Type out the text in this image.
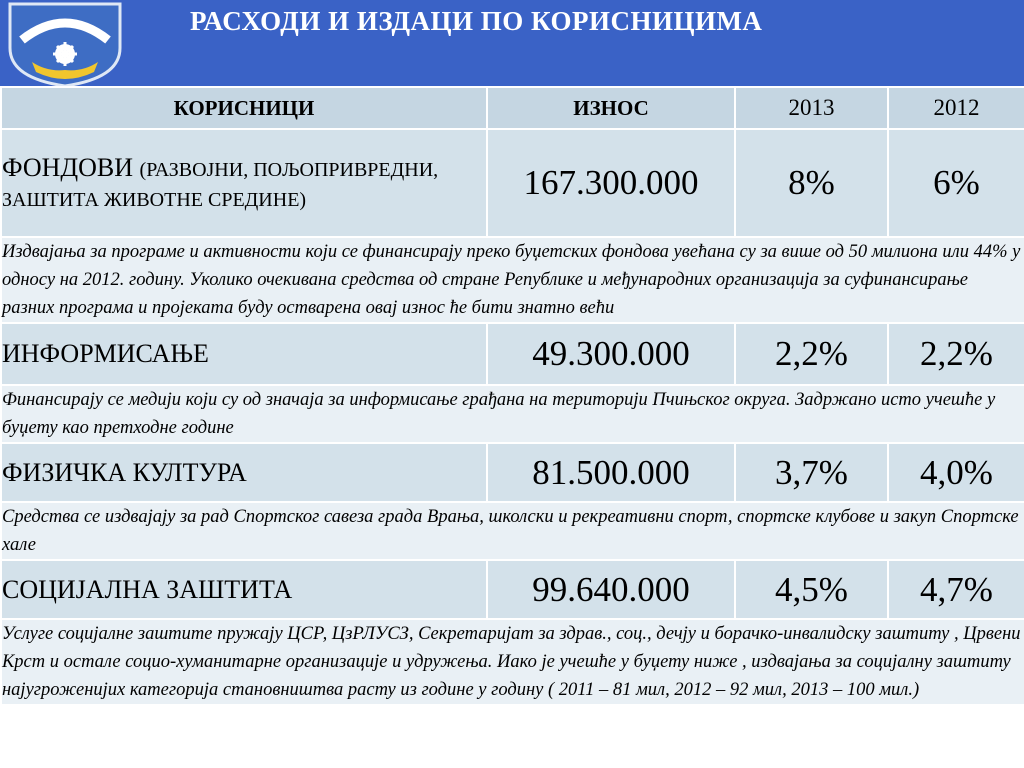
РАСХОДИ И ИЗДАЦИ ПО КОРИСНИЦИМА
КОРИСНИЦИ	ИЗНОС	2013	2012
ФОНДОВИ (РАЗВОЈНИ, ПОЉОПРИВРЕДНИ, ЗАШТИТА ЖИВОТНЕ СРЕДИНЕ)	167.300.000	8%	6%
Издвајања за програме и активности који се финансирају преко буџетских фондова увећана су за више од 50 милиона или 44% у односу на 2012. годину. Уколико очекивана средства од стране Републике и међународних организација за суфинансирање разних програма и пројеката буду остварена овај износ ће бити знатно већи			
ИНФОРМИСАЊЕ	49.300.000	2,2%	2,2%
Финансирају се медији који су од значаја за информисање грађана на територији Пчињског округа. Задржано исто учешће у буџету као претходне године			
ФИЗИЧКА КУЛТУРА	81.500.000	3,7%	4,0%
Средства се издвајају за рад Спортског савеза града Врања, школски и рекреативни спорт, спортске клубове и закуп Спортске хале			
СОЦИЈАЛНА ЗАШТИТА	99.640.000	4,5%	4,7%
Услуге социјалне заштите пружају ЦСР, ЦзРЛУСЗ, Секретаријат за здрав., соц., дечју и борачко-инвалидску заштиту , Црвени Крст и остале социо-хуманитарне организације и удружења. Иако је учешће у буџету ниже , издвајања за социјалну заштиту најугроженијих категорија становништва расту из године у годину ( 2011 – 81 мил, 2012 – 92 мил, 2013 – 100 мил.)			
